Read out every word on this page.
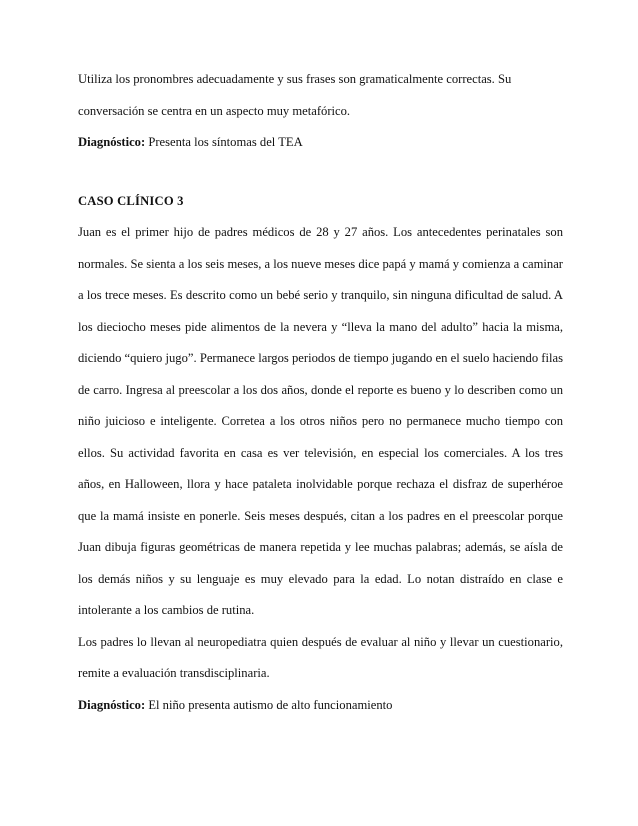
Utiliza los pronombres adecuadamente y sus frases son gramaticalmente correctas. Su
conversación se centra en un aspecto muy metafórico.

Diagnóstico: Presenta los síntomas del TEA

CASO CLÍNICO 3

Juan es el primer hijo de padres médicos de 28 y 27 años. Los antecedentes perinatales son normales. Se sienta a los seis meses, a los nueve meses dice papá y mamá y comienza a caminar a los trece meses. Es descrito como un bebé serio y tranquilo, sin ninguna dificultad de salud. A los dieciocho meses pide alimentos de la nevera y “lleva la mano del adulto” hacia la misma, diciendo “quiero jugo”. Permanece largos periodos de tiempo jugando en el suelo haciendo filas de carro. Ingresa al preescolar a los dos años, donde el reporte es bueno y lo describen como un niño juicioso e inteligente. Corretea a los otros niños pero no permanece mucho tiempo con ellos. Su actividad favorita en casa es ver televisión, en especial los comerciales. A los tres años, en Halloween, llora y hace pataleta inolvidable porque rechaza el disfraz de superhéroe que la mamá insiste en ponerle. Seis meses después, citan a los padres en el preescolar porque Juan dibuja figuras geométricas de manera repetida y lee muchas palabras; además, se aísla de los demás niños y su lenguaje es muy elevado para la edad. Lo notan distraído en clase e intolerante a los cambios de rutina.

Los padres lo llevan al neuropediatra quien después de evaluar al niño y llevar un cuestionario, remite a evaluación transdisciplinaria.

Diagnóstico: El niño presenta autismo de alto funcionamiento
